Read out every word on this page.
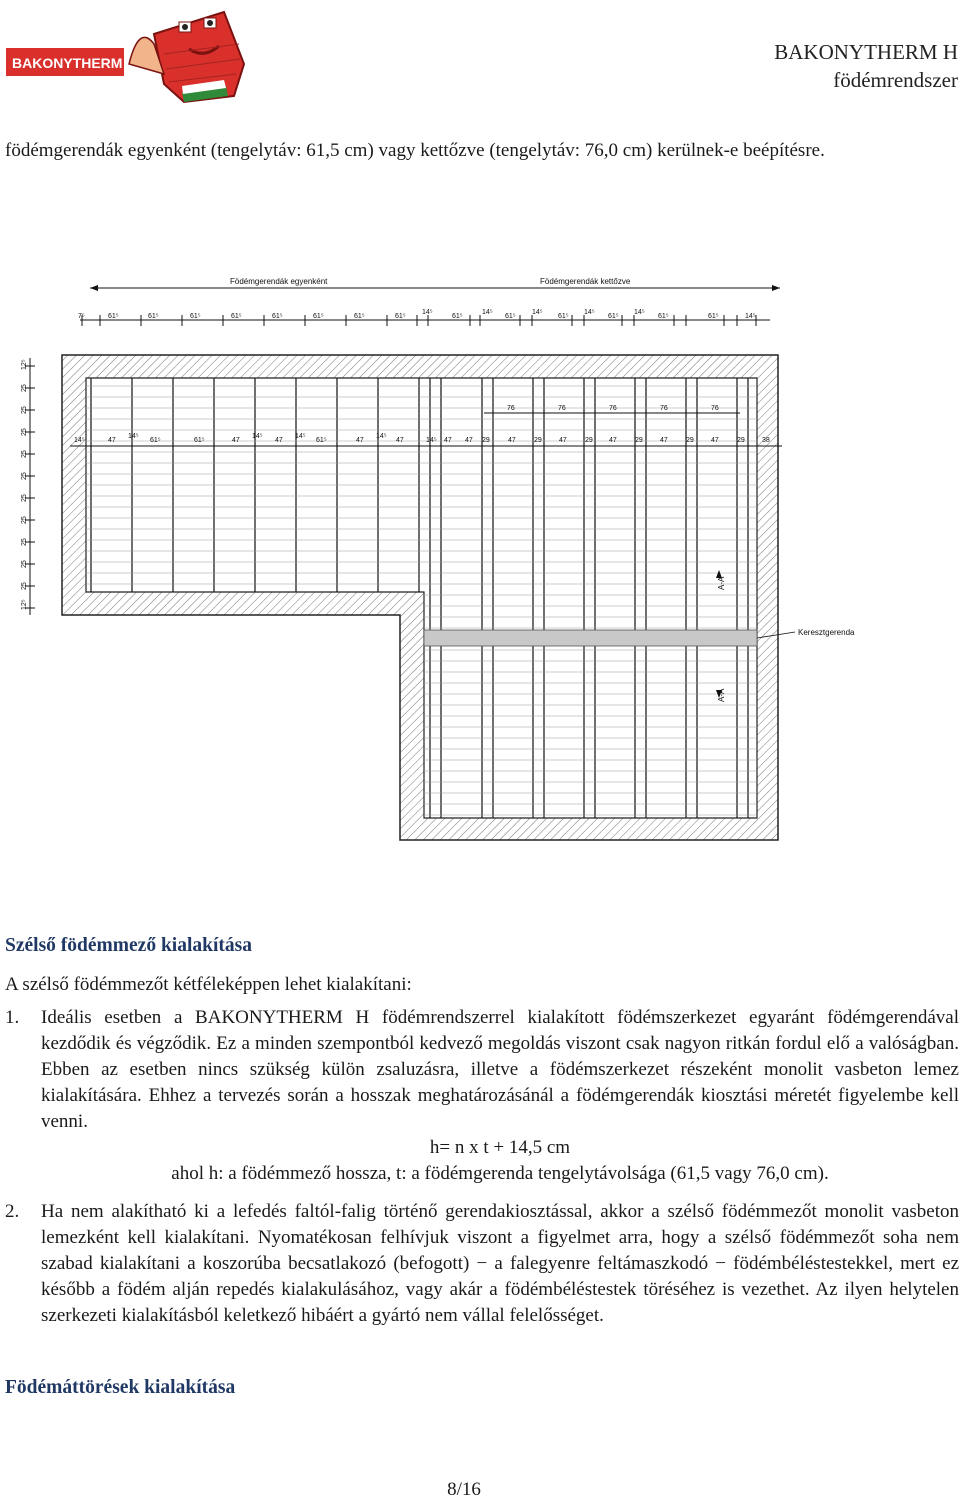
BAKONYTHERM	BAKONYTHERM H
födémrendszer
födémgerendák egyenként (tengelytáv: 61,5 cm) vagy kettőzve (tengelytáv: 76,0 cm) kerülnek-e beépítésre.
Födémgerendák egyenként	Födémgerendák kettőzve
7⁵	61⁵	61⁵	61⁵	61⁵	61⁵	61⁵	61⁵	61⁵
14⁵
61⁵
14⁵
61⁵
14⁵
61⁵
14⁵
61⁵
14⁵
61⁵	61⁵	14⁵
12⁵
25
25
25
25
25
25
25
25
25
25
12⁵
Keresztgerenda
A-A
A-A
14⁵	47
14⁵
61⁵	61⁵	47
14⁵
47
14⁵
61⁵	47
14⁵
47	14⁵ 47 47 29	47	29 47	29 47	29 47	29 47	29 38
76	76	76	76	76
Szélső födémmező kialakítása
A szélső födémmezőt kétféleképpen lehet kialakítani:
1. Ideális esetben a BAKONYTHERM H födémrendszerrel kialakított födémszerkezet egyaránt födémgerendával kezdődik és végződik. Ez a minden szempontból kedvező megoldás viszont csak nagyon ritkán fordul elő a valóságban. Ebben az esetben nincs szükség külön zsaluzásra, illetve a födémszerkezet részeként monolit vasbeton lemez kialakítására. Ehhez a tervezés során a hosszak meghatározásánál a födémgerendák kiosztási méretét figyelembe kell venni.
h= n x t + 14,5 cm
ahol h: a födémmező hossza, t: a födémgerenda tengelytávolsága (61,5 vagy 76,0 cm).
2. Ha nem alakítható ki a lefedés faltól-falig történő gerendakiosztással, akkor a szélső födémmezőt monolit vasbeton lemezként kell kialakítani. Nyomatékosan felhívjuk viszont a figyelmet arra, hogy a szélső födémmezőt soha nem szabad kialakítani a koszorúba becsatlakozó (befogott) − a falegyenre feltámaszkodó − födémbéléstestekkel, mert ez később a födém alján repedés kialakulásához, vagy akár a födémbéléstestek töréséhez is vezethet. Az ilyen helytelen szerkezeti kialakításból keletkező hibáért a gyártó nem vállal felelősséget.
Födémáttörések kialakítása
8/16
